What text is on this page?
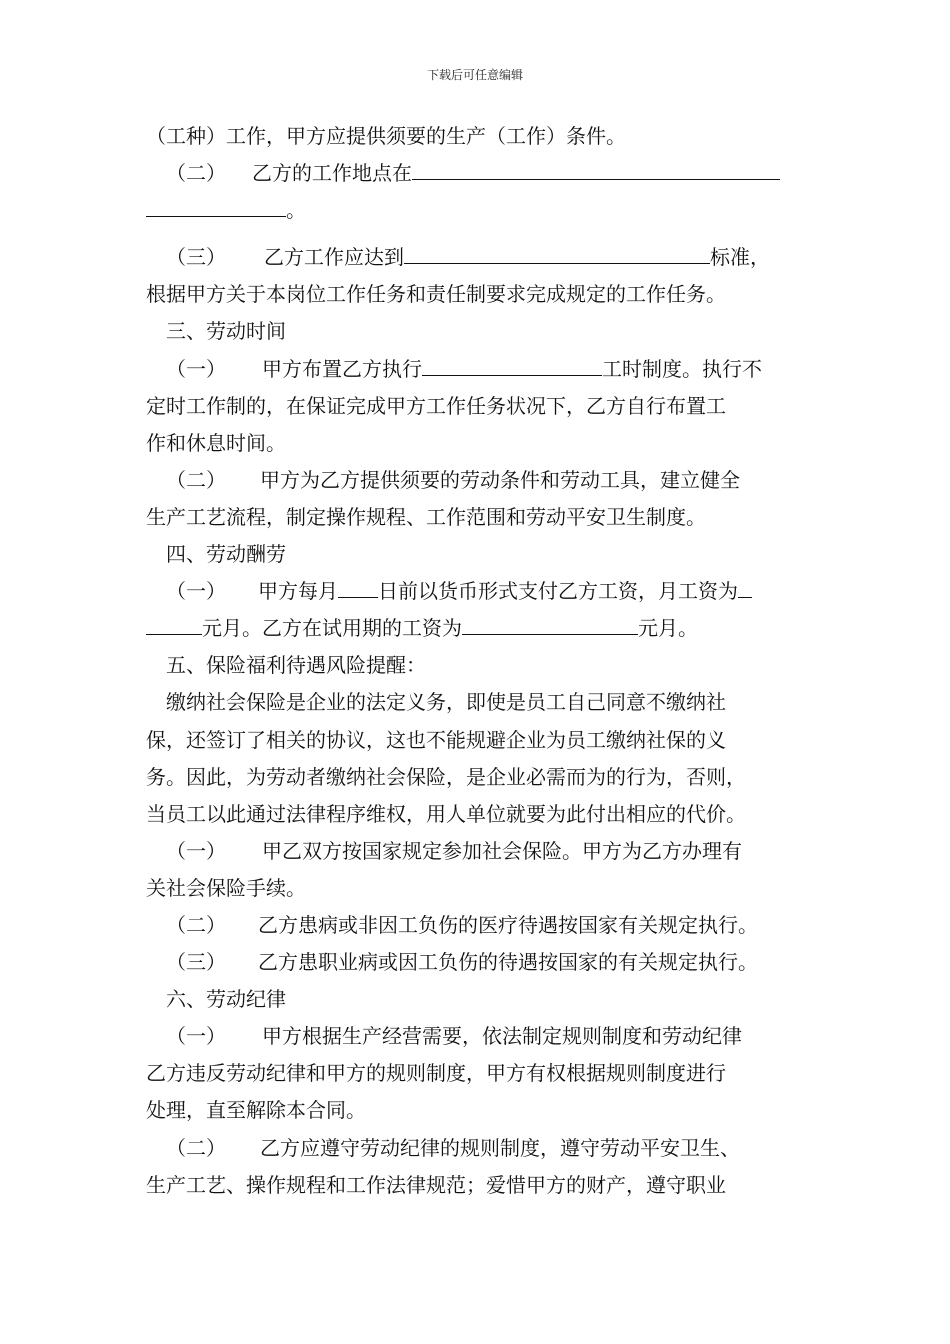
下载后可任意编辑
（工种）工作，甲方应提供须要的生产（工作）条件。
（二） 乙方的工作地点在
。
（三） 乙方工作应达到	标准，
根据甲方关于本岗位工作任务和责任制要求完成规定的工作任务。
三、劳动时间
（一） 甲方布置乙方执行	工时制度。执行不
定时工作制的，在保证完成甲方工作任务状况下，乙方自行布置工
作和休息时间。
（二） 甲方为乙方提供须要的劳动条件和劳动工具，建立健全
生产工艺流程，制定操作规程、工作范围和劳动平安卫生制度。
四、劳动酬劳
（一） 甲方每月 日前以货币形式支付乙方工资，月工资为
元月。乙方在试用期的工资为	元月。
五、保险福利待遇风险提醒：
缴纳社会保险是企业的法定义务，即使是员工自己同意不缴纳社
保，还签订了相关的协议，这也不能规避企业为员工缴纳社保的义
务。因此，为劳动者缴纳社会保险，是企业必需而为的行为，否则，
当员工以此通过法律程序维权，用人单位就要为此付出相应的代价。
（一） 甲乙双方按国家规定参加社会保险。甲方为乙方办理有
关社会保险手续。
（二） 乙方患病或非因工负伤的医疗待遇按国家有关规定执行。
（三） 乙方患职业病或因工负伤的待遇按国家的有关规定执行。
六、劳动纪律
（一） 甲方根据生产经营需要，依法制定规则制度和劳动纪律
乙方违反劳动纪律和甲方的规则制度，甲方有权根据规则制度进行
处理，直至解除本合同。
（二） 乙方应遵守劳动纪律的规则制度，遵守劳动平安卫生、
生产工艺、操作规程和工作法律规范；爱惜甲方的财产，遵守职业
